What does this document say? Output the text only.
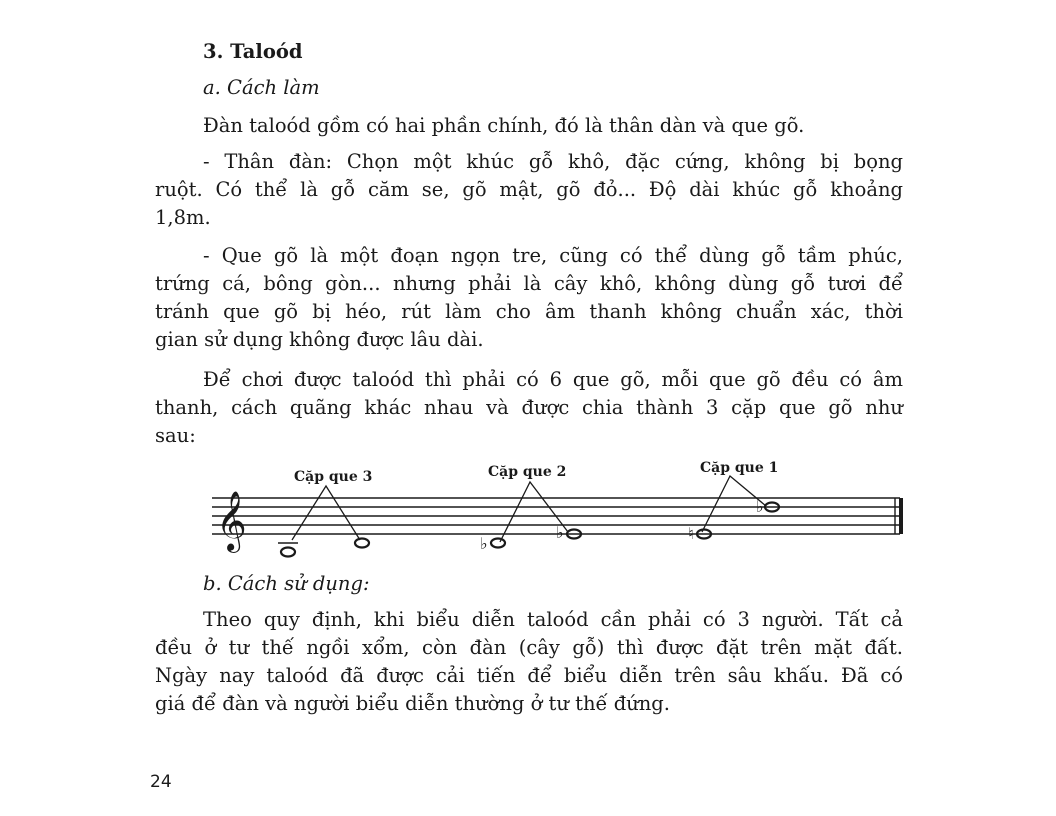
3. Taloód
a. Cách làm
Đàn taloód gồm có hai phần chính, đó là thân dàn và que gõ.
- Thân đàn: Chọn một khúc gỗ khô, đặc cứng, không bị bọng
ruột. Có thể là gỗ căm se, gõ mật, gõ đỏ... Độ dài khúc gỗ khoảng
1,8m.
- Que gõ là một đoạn ngọn tre, cũng có thể dùng gỗ tầm phúc,
trứng cá, bông gòn... nhưng phải là cây khô, không dùng gỗ tươi để
tránh que gõ bị héo, rút làm cho âm thanh không chuẩn xác, thời
gian sử dụng không được lâu dài.
Để chơi được taloód thì phải có 6 que gõ, mỗi que gõ đều có âm
thanh, cách quãng khác nhau và được chia thành 3 cặp que gõ như
sau:
𝄞
Cặp que 3	Cặp que 2	Cặp que 1
♭
♭	♮
♭
b. Cách sử dụng:
Theo quy định, khi biểu diễn taloód cần phải có 3 người. Tất cả
đều ở tư thế ngồi xổm, còn đàn (cây gỗ) thì được đặt trên mặt đất.
Ngày nay taloód đã được cải tiến để biểu diễn trên sâu khấu. Đã có
giá để đàn và người biểu diễn thường ở tư thế đứng.
24
